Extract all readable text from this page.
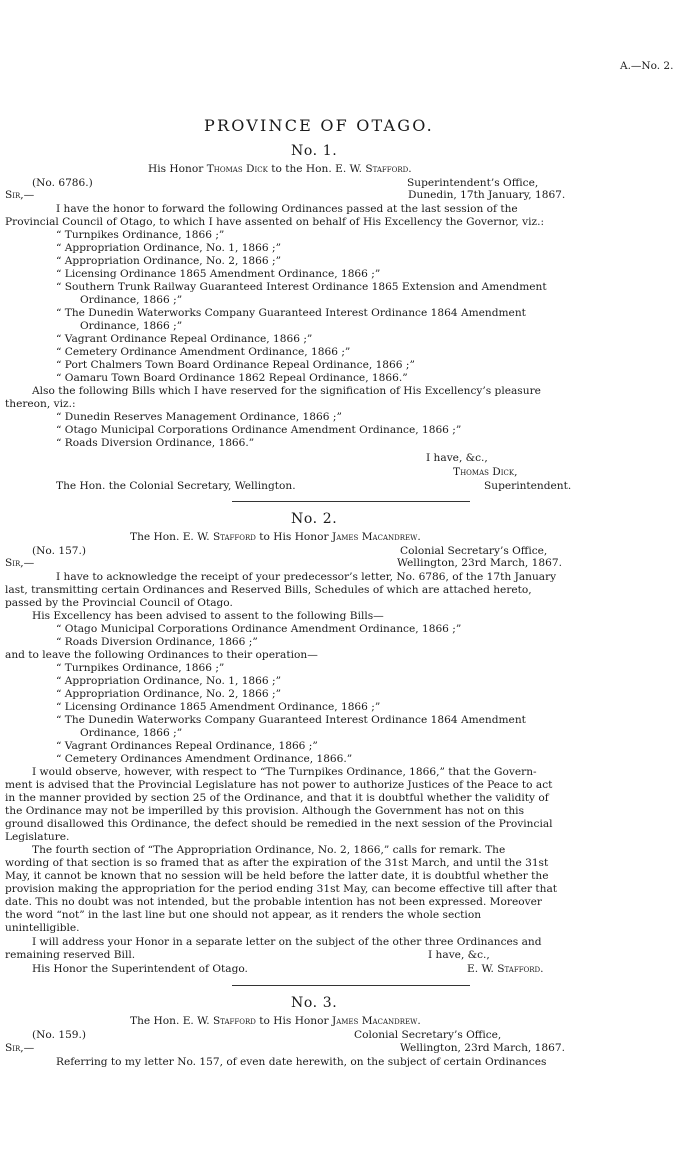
A.—No. 2.
PROVINCE OF OTAGO.
No. 1.
His Honor Thomas Dick to the Hon. E. W. Stafford.
(No. 6786.)	Superintendent’s Office,
Sir,—	Dunedin, 17th January, 1867.
I have the honor to forward the following Ordinances passed at the last session of the
Provincial Council of Otago, to which I have assented on behalf of His Excellency the Governor, viz.:
“ Turnpikes Ordinance, 1866 ;”
“ Appropriation Ordinance, No. 1, 1866 ;”
“ Appropriation Ordinance, No. 2, 1866 ;”
“ Licensing Ordinance 1865 Amendment Ordinance, 1866 ;”
“ Southern Trunk Railway Guaranteed Interest Ordinance 1865 Extension and Amendment
Ordinance, 1866 ;”
“ The Dunedin Waterworks Company Guaranteed Interest Ordinance 1864 Amendment
Ordinance, 1866 ;”
“ Vagrant Ordinance Repeal Ordinance, 1866 ;”
“ Cemetery Ordinance Amendment Ordinance, 1866 ;”
“ Port Chalmers Town Board Ordinance Repeal Ordinance, 1866 ;”
“ Oamaru Town Board Ordinance 1862 Repeal Ordinance, 1866.”
Also the following Bills which I have reserved for the signification of His Excellency’s pleasure
thereon, viz.:
“ Dunedin Reserves Management Ordinance, 1866 ;”
“ Otago Municipal Corporations Ordinance Amendment Ordinance, 1866 ;”
“ Roads Diversion Ordinance, 1866.”
I have, &c.,
Thomas Dick,
The Hon. the Colonial Secretary, Wellington.	Superintendent.
No. 2.
The Hon. E. W. Stafford to His Honor James Macandrew.
(No. 157.)	Colonial Secretary’s Office,
Sir,—	Wellington, 23rd March, 1867.
I have to acknowledge the receipt of your predecessor’s letter, No. 6786, of the 17th January
last, transmitting certain Ordinances and Reserved Bills, Schedules of which are attached hereto,
passed by the Provincial Council of Otago.
His Excellency has been advised to assent to the following Bills—
“ Otago Municipal Corporations Ordinance Amendment Ordinance, 1866 ;”
“ Roads Diversion Ordinance, 1866 ;”
and to leave the following Ordinances to their operation—
“ Turnpikes Ordinance, 1866 ;”
“ Appropriation Ordinance, No. 1, 1866 ;”
“ Appropriation Ordinance, No. 2, 1866 ;”
“ Licensing Ordinance 1865 Amendment Ordinance, 1866 ;”
“ The Dunedin Waterworks Company Guaranteed Interest Ordinance 1864 Amendment
Ordinance, 1866 ;”
“ Vagrant Ordinances Repeal Ordinance, 1866 ;”
“ Cemetery Ordinances Amendment Ordinance, 1866.”
I would observe, however, with respect to “The Turnpikes Ordinance, 1866,” that the Govern-
ment is advised that the Provincial Legislature has not power to authorize Justices of the Peace to act
in the manner provided by section 25 of the Ordinance, and that it is doubtful whether the validity of
the Ordinance may not be imperilled by this provision. Although the Government has not on this
ground disallowed this Ordinance, the defect should be remedied in the next session of the Provincial
Legislature.
The fourth section of “The Appropriation Ordinance, No. 2, 1866,” calls for remark. The
wording of that section is so framed that as after the expiration of the 31st March, and until the 31st
May, it cannot be known that no session will be held before the latter date, it is doubtful whether the
provision making the appropriation for the period ending 31st May, can become effective till after that
date. This no doubt was not intended, but the probable intention has not been expressed. Moreover
the word “not” in the last line but one should not appear, as it renders the whole section
unintelligible.
I will address your Honor in a separate letter on the subject of the other three Ordinances and
remaining reserved Bill.	I have, &c.,
His Honor the Superintendent of Otago.	E. W. Stafford.
No. 3.
The Hon. E. W. Stafford to His Honor James Macandrew.
(No. 159.)	Colonial Secretary’s Office,
Sir,—	Wellington, 23rd March, 1867.
Referring to my letter No. 157, of even date herewith, on the subject of certain Ordinances
